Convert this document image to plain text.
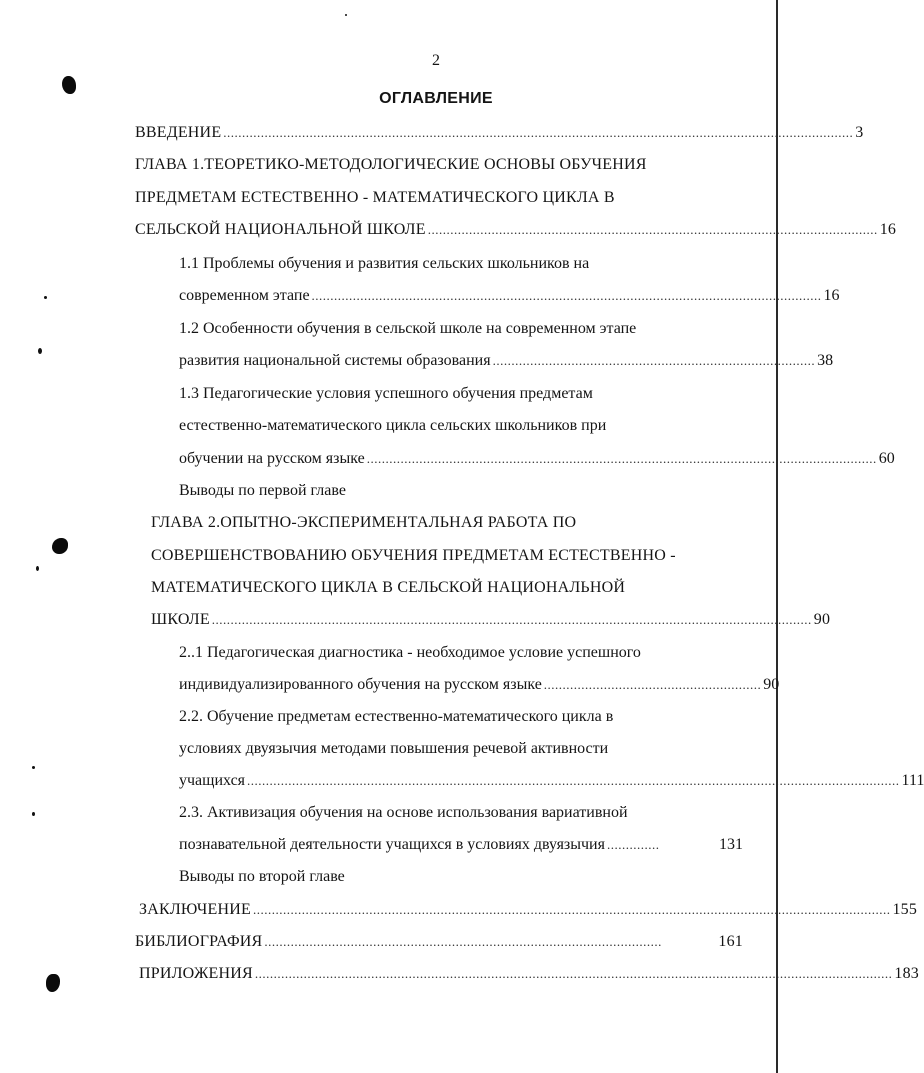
2
ОГЛАВЛЕНИЕ
ВВЕДЕНИЕ ........................................................................................................................................................................ 3
ГЛАВА 1.ТЕОРЕТИКО-МЕТОДОЛОГИЧЕСКИЕ ОСНОВЫ ОБУЧЕНИЯ
ПРЕДМЕТАМ ЕСТЕСТВЕННО - МАТЕМАТИЧЕСКОГО ЦИКЛА В
СЕЛЬСКОЙ НАЦИОНАЛЬНОЙ ШКОЛЕ ........................................................................................................................ 16
1.1 Проблемы обучения и развития сельских школьников на
современном этапе ........................................................................................................................................ 16
1.2 Особенности обучения в сельской школе на современном этапе
развития национальной системы образования ...................................................................................... 38
1.3 Педагогические условия успешного обучения предметам
естественно-математического цикла сельских школьников при
обучении на русском языке ........................................................................................................................................ 60
Выводы по первой главе
ГЛАВА 2.ОПЫТНО-ЭКСПЕРИМЕНТАЛЬНАЯ РАБОТА ПО
СОВЕРШЕНСТВОВАНИЮ ОБУЧЕНИЯ ПРЕДМЕТАМ ЕСТЕСТВЕННО -
МАТЕМАТИЧЕСКОГО ЦИКЛА В СЕЛЬСКОЙ НАЦИОНАЛЬНОЙ
ШКОЛЕ ................................................................................................................................................................ 90
2..1 Педагогическая диагностика - необходимое условие успешного
индивидуализированного обучения на русском языке .......................................................... 90
2.2. Обучение предметам естественно-математического цикла в
условиях двуязычия методами повышения речевой активности
учащихся .............................................................................................................................................................................. 111
2.3. Активизация обучения на основе использования вариативной
познавательной деятельности учащихся в условиях двуязычия ..............	131
Выводы по второй главе
ЗАКЛЮЧЕНИЕ .......................................................................................................................................................................... 155
БИБЛИОГРАФИЯ ..........................................................................................................	161
ПРИЛОЖЕНИЯ .......................................................................................................................................................................... 183
